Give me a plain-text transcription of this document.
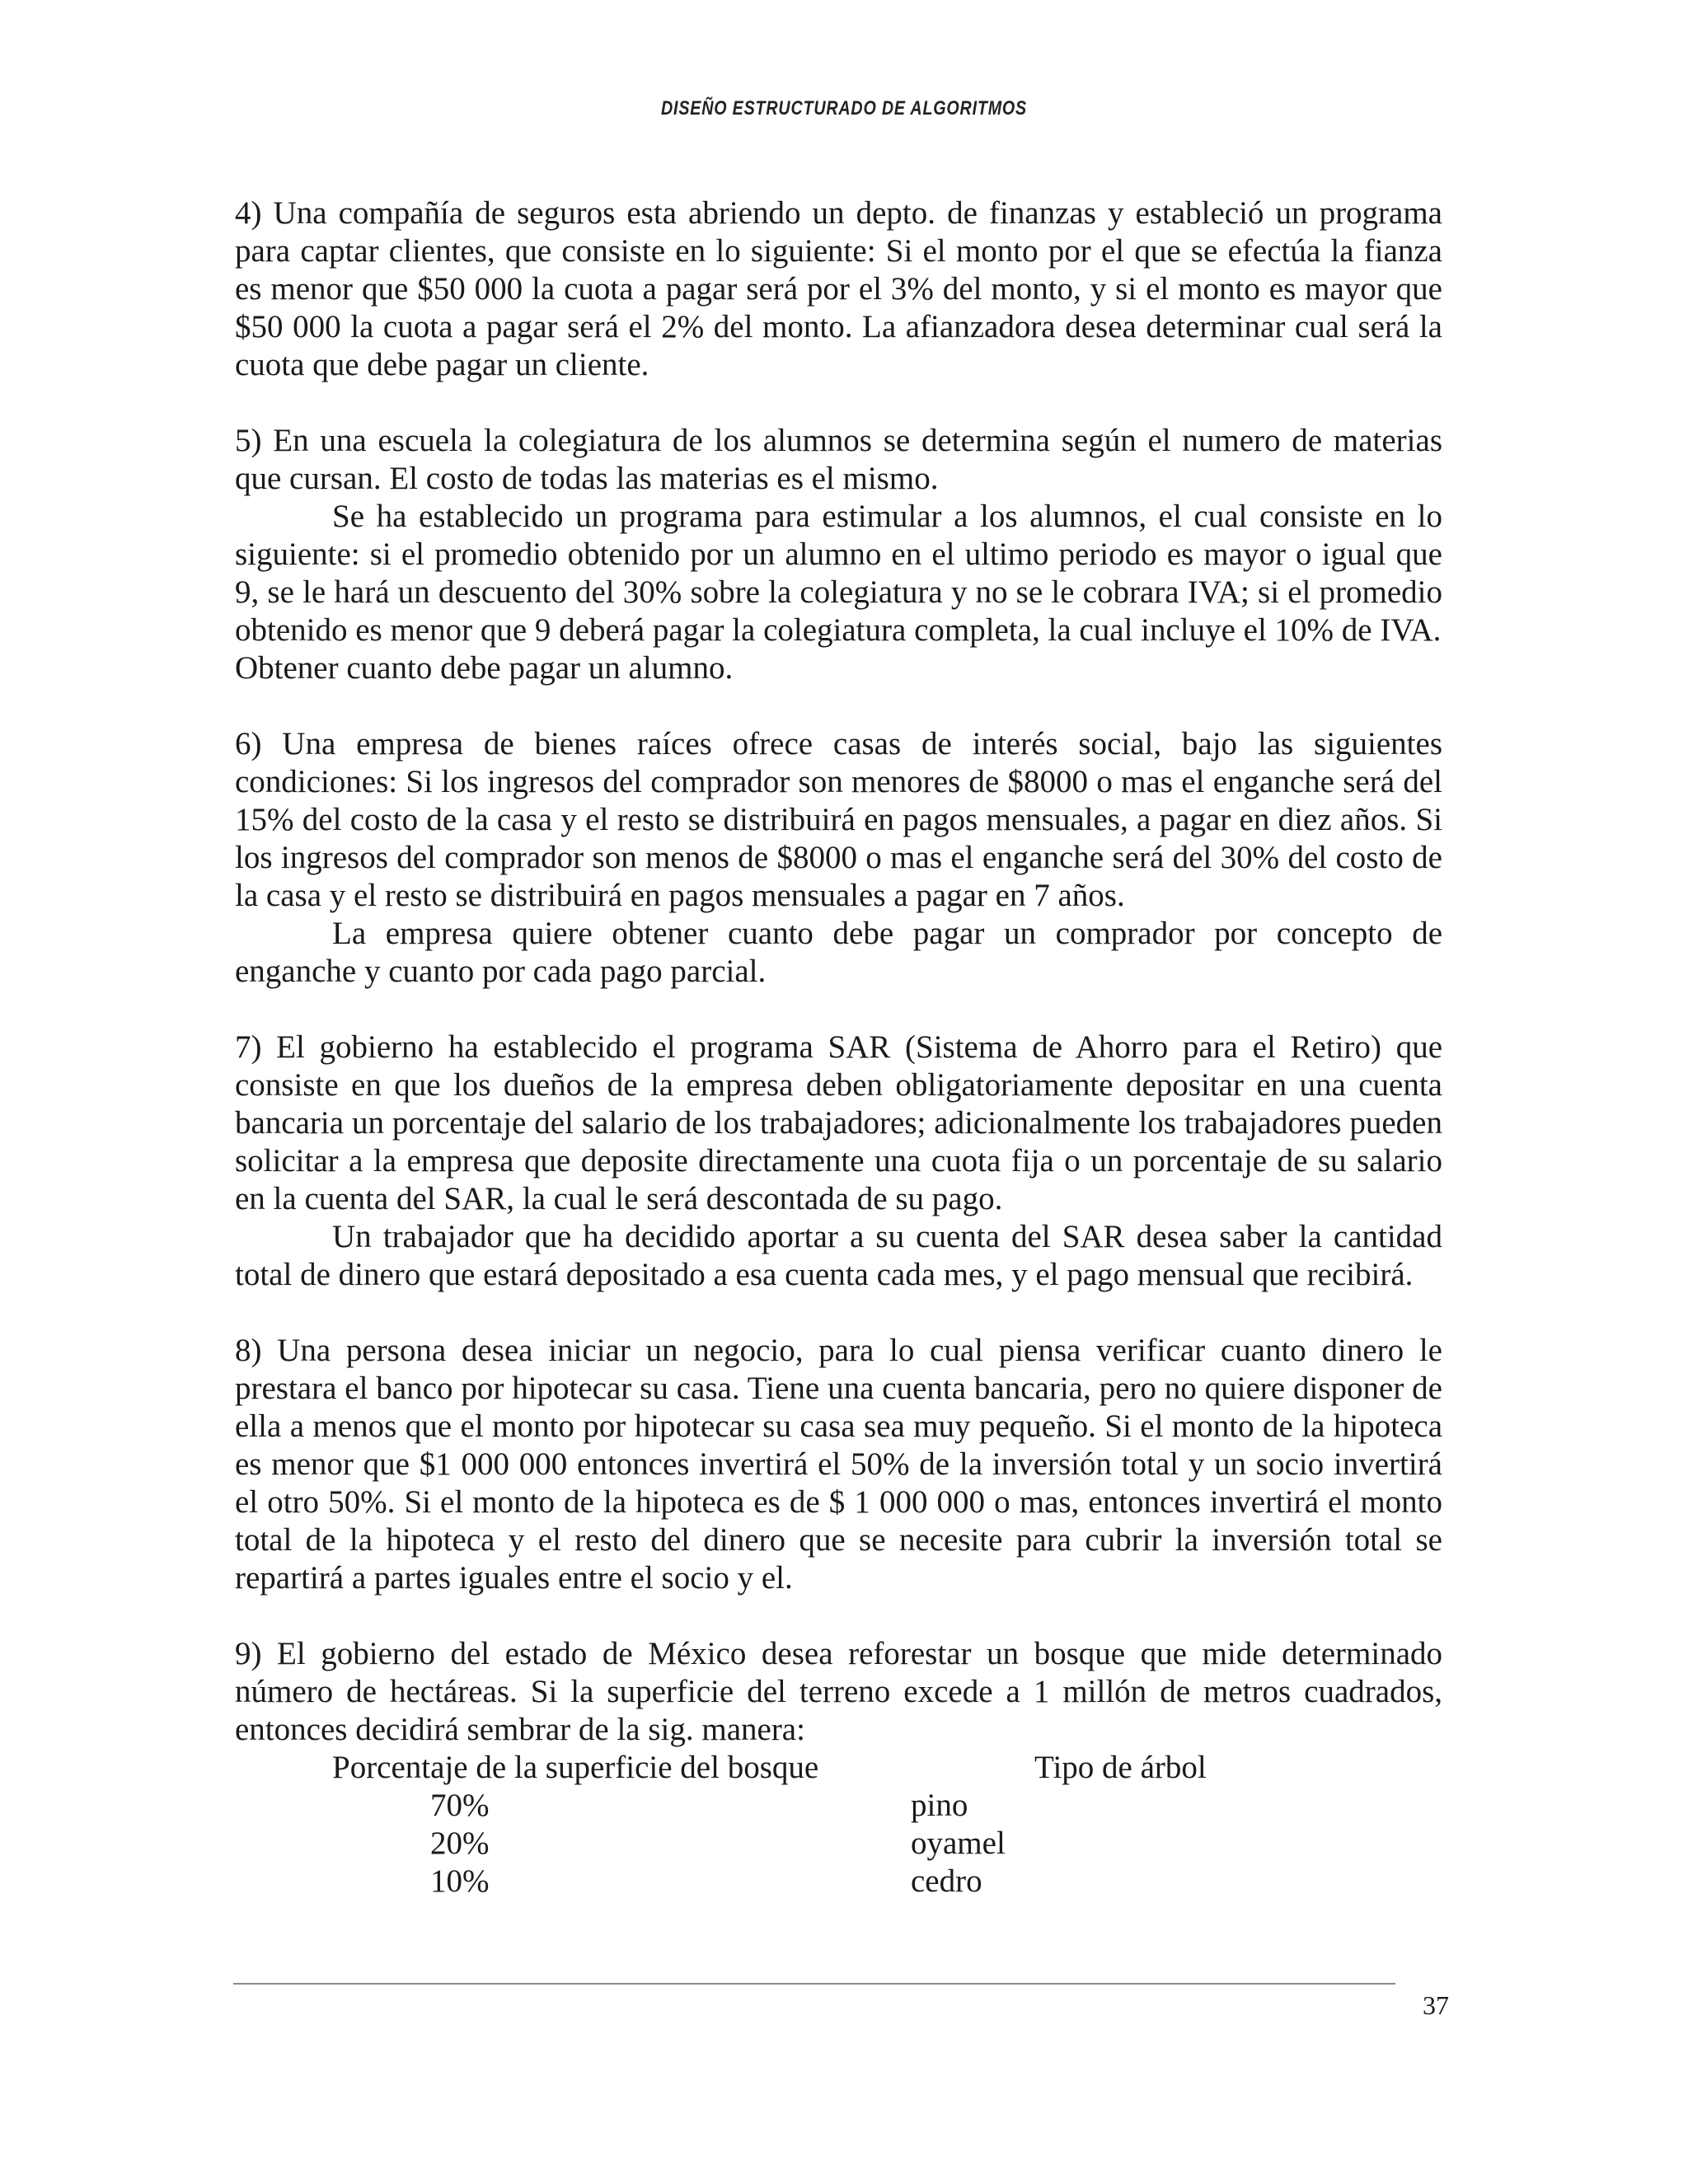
DISEÑO ESTRUCTURADO DE ALGORITMOS

4) Una compañía de seguros esta abriendo un depto. de finanzas y estableció un programa para captar clientes, que consiste en lo siguiente: Si el monto por el que se efectúa la fianza es menor que $50 000 la cuota a pagar será por el 3% del monto, y si el monto es mayor que $50 000 la cuota a pagar será el 2% del monto. La afianzadora desea determinar cual será la cuota que debe pagar un cliente.

5) En una escuela la colegiatura de los alumnos se determina según el numero de materias que cursan. El costo de todas las materias es el mismo.

Se ha establecido un programa para estimular a los alumnos, el cual consiste en lo siguiente: si el promedio obtenido por un alumno en el ultimo periodo es mayor o igual que 9, se le hará un descuento del 30% sobre la colegiatura y no se le cobrara IVA; si el promedio obtenido es menor que 9 deberá pagar la colegiatura completa, la cual incluye el 10% de IVA.

Obtener cuanto debe pagar un alumno.

6) Una empresa de bienes raíces ofrece casas de interés social, bajo las siguientes condiciones: Si los ingresos del comprador son menores de $8000 o mas el enganche será del 15% del costo de la casa y el resto se distribuirá en pagos mensuales, a pagar en diez años. Si los ingresos del comprador son menos de $8000 o mas el enganche será del 30% del costo de la casa y el resto se distribuirá en pagos mensuales a pagar en 7 años.

La empresa quiere obtener cuanto debe pagar un comprador por concepto de enganche y cuanto por cada pago parcial.

7) El gobierno ha establecido el programa SAR (Sistema de Ahorro para el Retiro) que consiste en que los dueños de la empresa deben obligatoriamente depositar en una cuenta bancaria un porcentaje del salario de los trabajadores; adicionalmente los trabajadores pueden solicitar a la empresa que deposite directamente una cuota fija o un porcentaje de su salario en la cuenta del SAR, la cual le será descontada de su pago.

Un trabajador que ha decidido aportar a su cuenta del SAR desea saber la cantidad total de dinero que estará depositado a esa cuenta cada mes, y el pago mensual que recibirá.

8) Una persona desea iniciar un negocio, para lo cual piensa verificar cuanto dinero le prestara el banco por hipotecar su casa. Tiene una cuenta bancaria, pero no quiere disponer de ella a menos que el monto por hipotecar su casa sea muy pequeño. Si el monto de la hipoteca es menor que $1 000 000 entonces invertirá el 50% de la inversión total y un socio invertirá el otro 50%. Si el monto de la hipoteca es de $ 1 000 000 o mas, entonces invertirá el monto total de la hipoteca y el resto del dinero que se necesite para cubrir la inversión total se repartirá a partes iguales entre el socio y el.

9) El gobierno del estado de México desea reforestar un bosque que mide determinado número de hectáreas. Si la superficie del terreno excede a 1 millón de metros cuadrados, entonces decidirá sembrar de la sig. manera:

Porcentaje de la superficie del bosque	Tipo de árbol
70%	pino
20%	oyamel
10%	cedro
37
